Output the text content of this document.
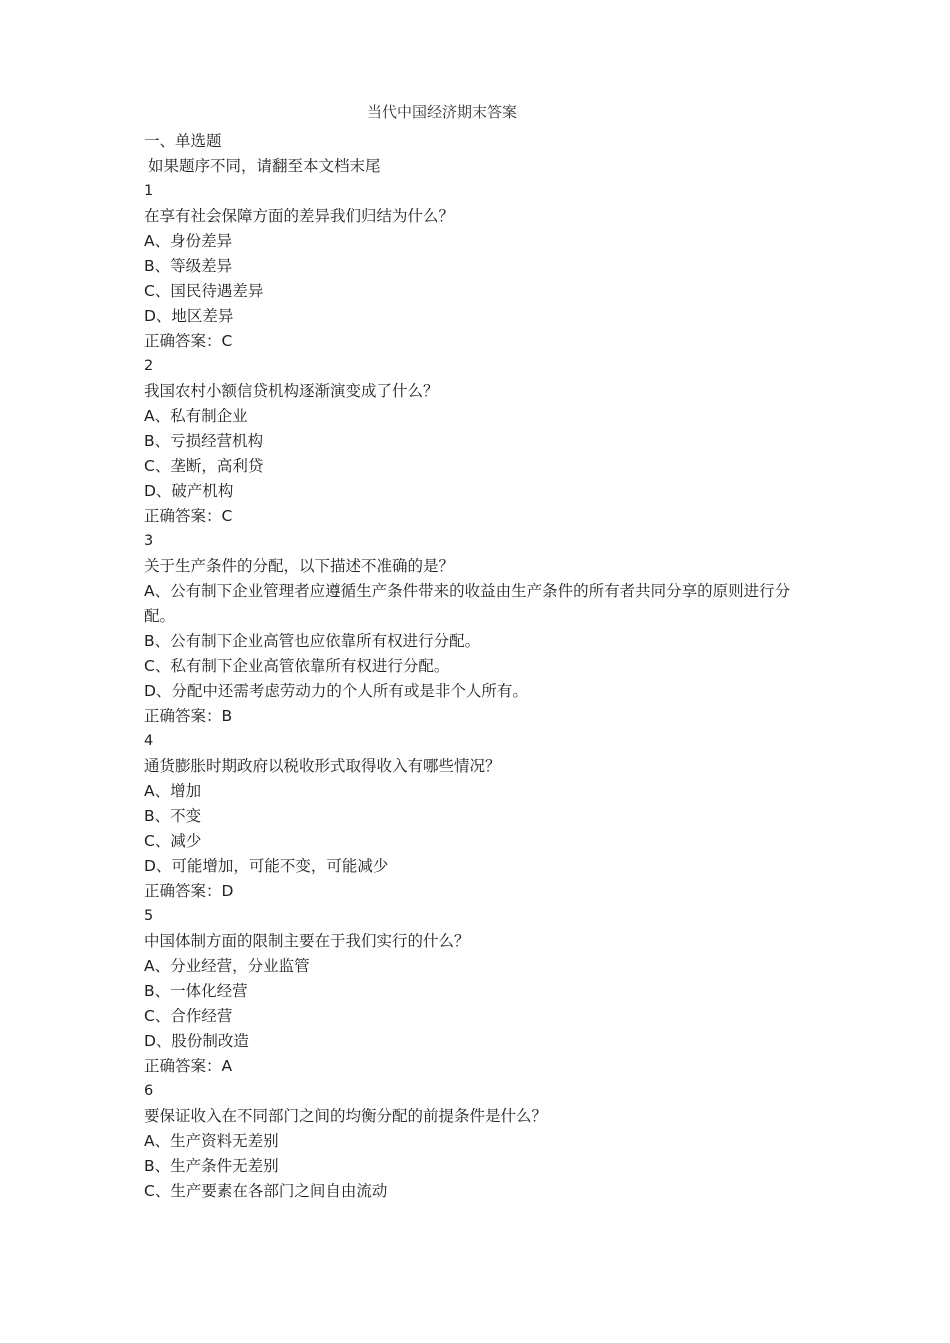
当代中国经济期末答案
一、单选题
如果题序不同，请翻至本文档末尾
1
在享有社会保障方面的差异我们归结为什么？
A、身份差异
B、等级差异
C、国民待遇差异
D、地区差异
正确答案：C
2
我国农村小额信贷机构逐渐演变成了什么？
A、私有制企业
B、亏损经营机构
C、垄断，高利贷
D、破产机构
正确答案：C
3
关于生产条件的分配，以下描述不准确的是？
A、公有制下企业管理者应遵循生产条件带来的收益由生产条件的所有者共同分享的原则进行分配。
B、公有制下企业高管也应依靠所有权进行分配。
C、私有制下企业高管依靠所有权进行分配。
D、分配中还需考虑劳动力的个人所有或是非个人所有。
正确答案：B
4
通货膨胀时期政府以税收形式取得收入有哪些情况？
A、增加
B、不变
C、减少
D、可能增加，可能不变，可能减少
正确答案：D
5
中国体制方面的限制主要在于我们实行的什么？
A、分业经营，分业监管
B、一体化经营
C、合作经营
D、股份制改造
正确答案：A
6
要保证收入在不同部门之间的均衡分配的前提条件是什么？
A、生产资料无差别
B、生产条件无差别
C、生产要素在各部门之间自由流动
